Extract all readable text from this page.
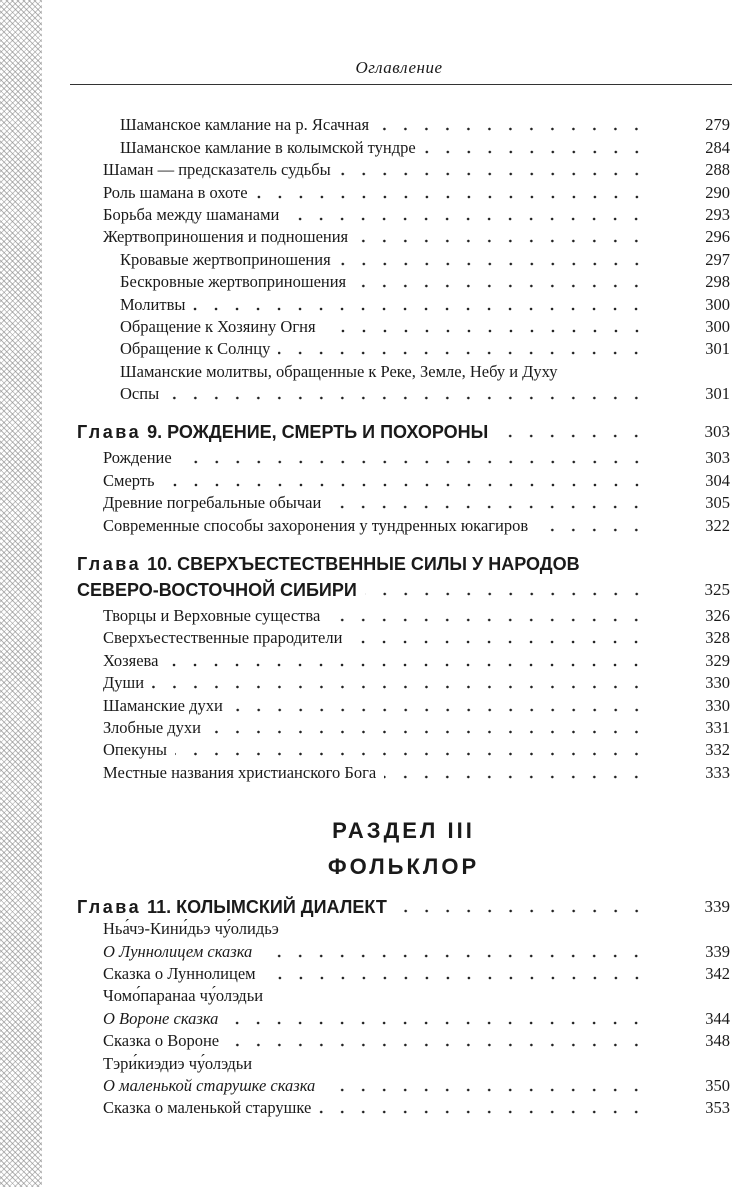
Оглавление
Шаманское камлание на р. Ясачная	279
Шаманское камлание в колымской тундре	284
Шаман — предсказатель судьбы	288
Роль шамана в охоте	290
Борьба между шаманами	293
Жертвоприношения и подношения	296
Кровавые жертвоприношения	297
Бескровные жертвоприношения	298
Молитвы	300
Обращение к Хозяину Огня	300
Обращение к Солнцу	301
Шаманские молитвы, обращенные к Реке, Земле, Небу и Духу
Оспы	301
Глава 9. РОЖДЕНИЕ, СМЕРТЬ И ПОХОРОНЫ	303
Рождение	303
Смерть	304
Древние погребальные обычаи	305
Современные способы захоронения у тундренных юкагиров	322
Глава 10. СВЕРХЪЕСТЕСТВЕННЫЕ СИЛЫ У НАРОДОВ
СЕВЕРО-ВОСТОЧНОЙ СИБИРИ	325
Творцы и Верховные существа	326
Сверхъестественные прародители	328
Хозяева	329
Души	330
Шаманские духи	330
Злобные духи	331
Опекуны	332
Местные названия христианского Бога	333
РАЗДЕЛ III
ФОЛЬКЛОР
Глава 11. КОЛЫМСКИЙ ДИАЛЕКТ	339
Ньа́чэ-Кини́дьэ чу́олидьэ
О Луннолицем сказка	339
Сказка о Луннолицем	342
Чомо́паранаа чу́олэдьи
О Вороне сказка	344
Сказка о Вороне	348
Тэри́киэдиэ чу́олэдьи
О маленькой старушке сказка	350
Сказка о маленькой старушке	353
